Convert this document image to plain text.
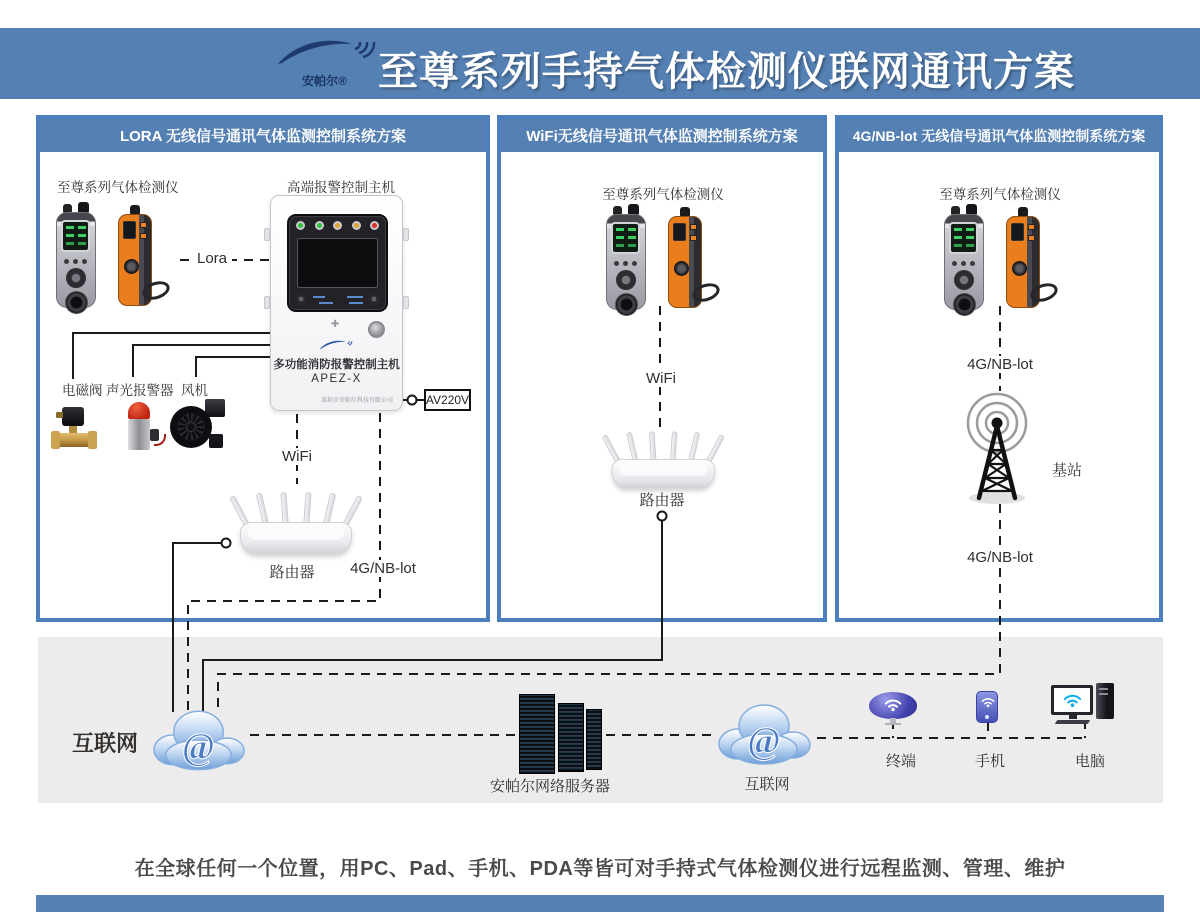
安帕尔® 至尊系列手持气体检测仪联网通讯方案
LORA 无线信号通讯气体监测控制系统方案	WiFi无线信号通讯气体监测控制系统方案	4G/NB-lot 无线信号通讯气体监测控制系统方案
✚
多功能消防报警控制主机
APEZ-X
深圳市安帕尔科技有限公司
@	@
至尊系列气体检测仪	高端报警控制主机
Lora
电磁阀 声光报警器 风机
WiFi
路由器	4G/NB-lot
AV220V
至尊系列气体检测仪
WiFi
路由器
至尊系列气体检测仪
4G/NB-lot
基站
4G/NB-lot
互联网
安帕尔网络服务器	互联网
终端	手机	电脑
在全球任何一个位置，用PC、Pad、手机、PDA等皆可对手持式气体检测仪进行远程监测、管理、维护
